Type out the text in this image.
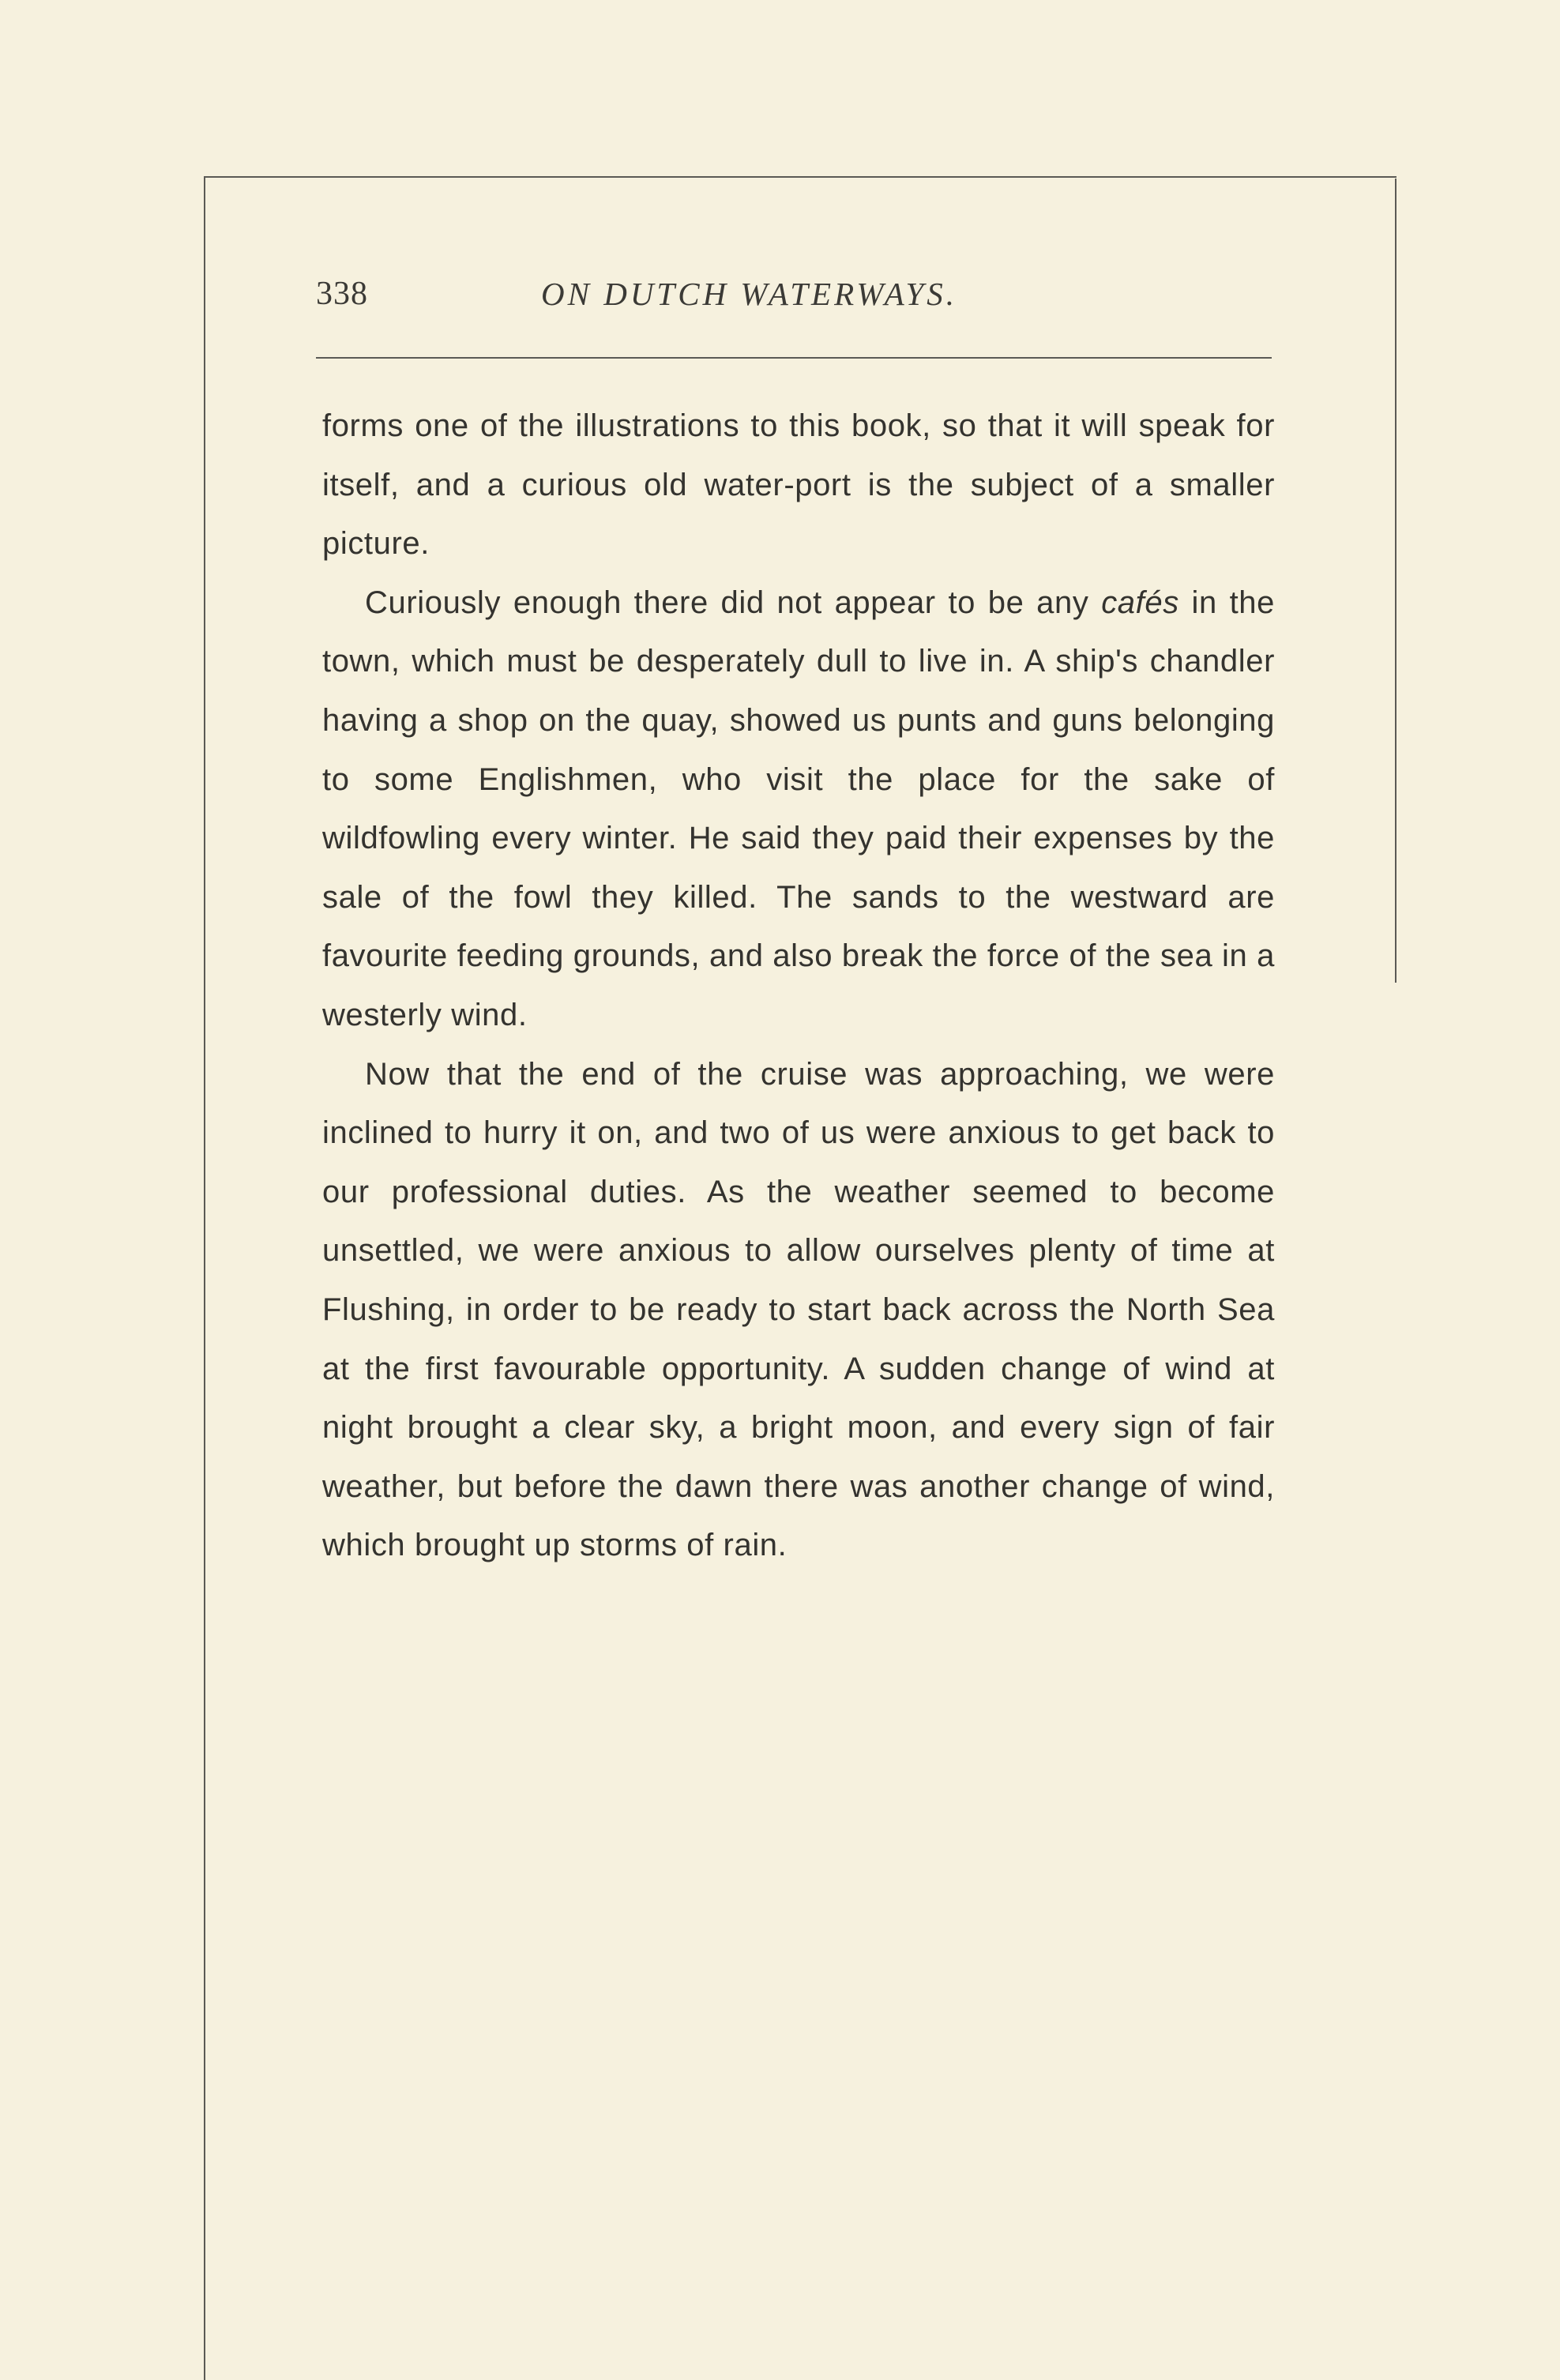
338	ON DUTCH WATERWAYS.

forms one of the illustrations to this book, so that it will speak for itself, and a curious old water-port is the subject of a smaller picture.

Curiously enough there did not appear to be any cafés in the town, which must be desperately dull to live in. A ship's chandler having a shop on the quay, showed us punts and guns belonging to some Englishmen, who visit the place for the sake of wildfowling every winter. He said they paid their expenses by the sale of the fowl they killed. The sands to the westward are favourite feeding grounds, and also break the force of the sea in a westerly wind.

Now that the end of the cruise was approaching, we were inclined to hurry it on, and two of us were anxious to get back to our professional duties. As the weather seemed to become unsettled, we were anxious to allow ourselves plenty of time at Flushing, in order to be ready to start back across the North Sea at the first favourable opportunity. A sudden change of wind at night brought a clear sky, a bright moon, and every sign of fair weather, but before the dawn there was another change of wind, which brought up storms of rain.
